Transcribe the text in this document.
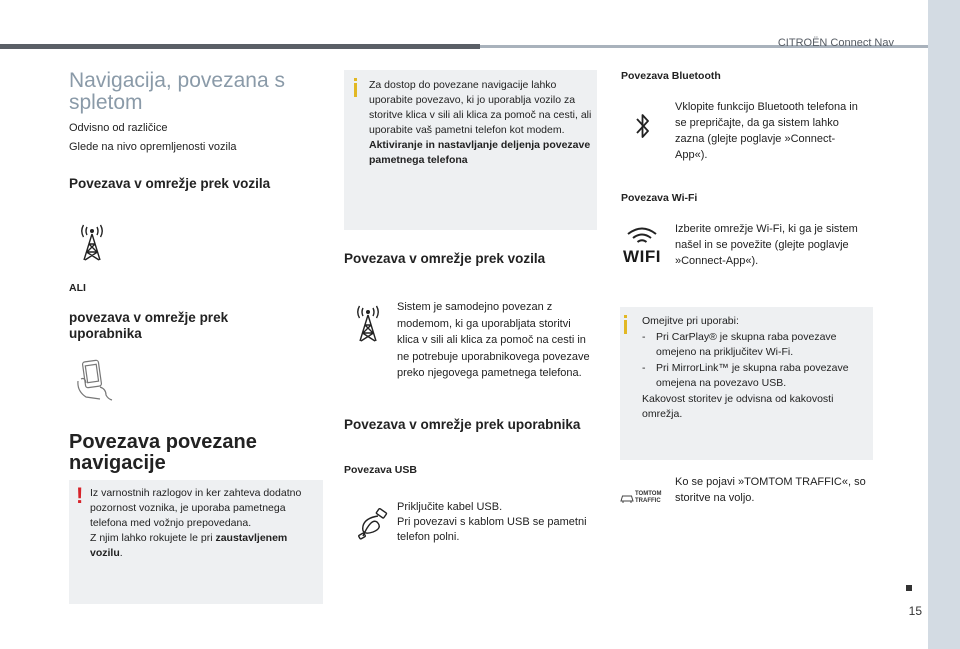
CITROËN Connect Nav
15
Navigacija, povezana s spletom
Odvisno od različice
Glede na nivo opremljenosti vozila
Povezava v omrežje prek vozila
ALI
povezava v omrežje prek uporabnika
Povezava povezane navigacije
! Iz varnostnih razlogov in ker zahteva dodatno pozornost voznika, je uporaba pametnega telefona med vožnjo prepovedana.
Z njim lahko rokujete le pri zaustavljenem vozilu.
Za dostop do povezane navigacije lahko uporabite povezavo, ki jo uporablja vozilo za storitve klica v sili ali klica za pomoč na cesti, ali uporabite vaš pametni telefon kot modem.
Aktiviranje in nastavljanje deljenja povezave pametnega telefona
Povezava v omrežje prek vozila
Sistem je samodejno povezan z modemom, ki ga uporabljata storitvi klica v sili ali klica za pomoč na cesti in ne potrebuje uporabnikovega povezave preko njegovega pametnega telefona.
Povezava v omrežje prek uporabnika
Povezava USB
Priključite kabel USB.
Pri povezavi s kablom USB se pametni telefon polni.
Povezava Bluetooth
Vklopite funkcijo Bluetooth telefona in se prepričajte, da ga sistem lahko zazna (glejte poglavje »Connect-App«).
Povezava Wi-Fi
WIFI
Izberite omrežje Wi-Fi, ki ga je sistem našel in se povežite (glejte poglavje »Connect-App«).
Omejitve pri uporabi:
- Pri CarPlay® je skupna raba povezave omejeno na priključitev Wi-Fi.
- Pri MirrorLink™ je skupna raba povezave omejena na povezavo USB.
Kakovost storitev je odvisna od kakovosti omrežja.
TOMTOM
TRAFFIC
Ko se pojavi »TOMTOM TRAFFIC«, so storitve na voljo.
